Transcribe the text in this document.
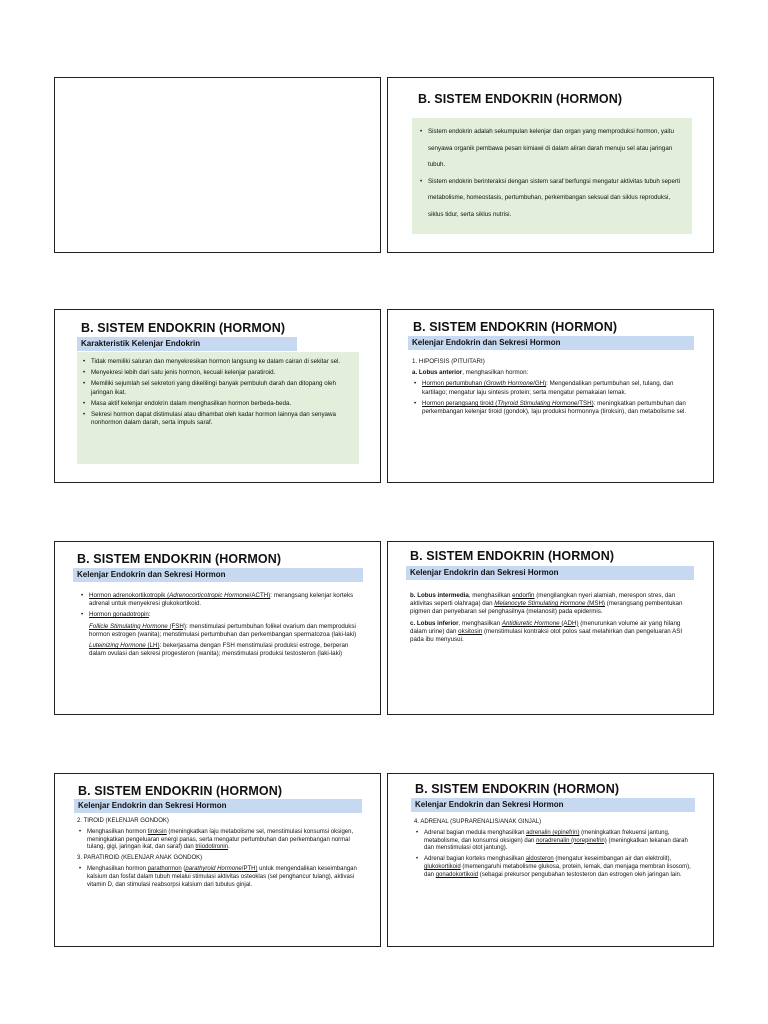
B. SISTEM ENDOKRIN (HORMON)
• Sistem endokrin adalah sekumpulan kelenjar dan organ yang memproduksi hormon, yaitu senyawa organik pembawa pesan kimiawi di dalam aliran darah menuju sel atau jaringan tubuh.
• Sistem endokrin berinteraksi dengan sistem saraf berfungsi mengatur aktivitas tubuh seperti metabolisme, homeostasis, pertumbuhan, perkembangan seksual dan siklus reproduksi, siklus tidur, serta siklus nutrisi.
B. SISTEM ENDOKRIN (HORMON)
Karakteristik Kelenjar Endokrin
• Tidak memiliki saluran dan menyekresikan hormon langsung ke dalam cairan di sekitar sel.
• Menyekresi lebih dari satu jenis hormon, kecuali kelenjar paratiroid.
• Memiliki sejumlah sel sekretori yang dikelilingi banyak pembuluh darah dan ditopang oleh jaringan ikat.
• Masa aktif kelenjar endokrin dalam menghasilkan hormon berbeda-beda.
• Sekresi hormon dapat distimulasi atau dihambat oleh kadar hormon lainnya dan senyawa nonhormon dalam darah, serta impuls saraf.
B. SISTEM ENDOKRIN (HORMON)
Kelenjar Endokrin dan Sekresi Hormon

1. HIPOFISIS (PITUITARI)

a. Lobus anterior, menghasilkan hormon:

• Hormon pertumbuhan (Growth Hormone/GH): Mengendalikan pertumbuhan sel, tulang, dan kartilago; mengatur laju sintesis protein; serta mengatur pemakaian lemak.
• Hormon perangsang tiroid (Thyroid Stimulating Hormone/TSH): meningkatkan pertumbuhan dan perkembangan kelenjar tiroid (gondok), laju produksi hormonnya (tiroksin), dan metabolisme sel.
B. SISTEM ENDOKRIN (HORMON)
Kelenjar Endokrin dan Sekresi Hormon
• Hormon adrenokortikotropik (Adrenocorticotropic Hormone/ACTH): merangsang kelenjar korteks adrenal untuk menyekresi glukokortikoid.
• Hormon gonadotropin:

Follicle Stimulating Hormone (FSH): menstimulasi pertumbuhan folikel ovarium dan memproduksi hormon estrogen (wanita); menstimulasi pertumbuhan dan perkembangan spermatozoa (laki-laki)

Luteinizing Hormone (LH): bekerjasama dengan FSH menstimulasi produksi estroge, berperan dalam ovulasi dan sekresi progesteron (wanita); menstimulasi produksi testosteron (laki-laki)

B. SISTEM ENDOKRIN (HORMON)
Kelenjar Endokrin dan Sekresi Hormon

b. Lobus intermedia, menghasilkan endorfin (mengilangkan nyeri alamiah, merespon stres, dan aktivitas seperti olahraga) dan Melanocyte Stimulating Hormone (MSH) (merangsang pembentukan pigmen dan penyebaran sel penghasilnya (melanosit) pada epidermis.

c. Lobus inferior, menghasilkan Antidiuretic Hormone (ADH) (menurunkan volume air yang hilang dalam urine) dan oksitosin (menstimulasi kontraksi otot polos saat melahirkan dan pengeluaran ASI pada ibu menyusui.

B. SISTEM ENDOKRIN (HORMON)
Kelenjar Endokrin dan Sekresi Hormon

2. TIROID (KELENJAR GONDOK)

• Menghasilkan hormon tiroksin (meningkatkan laju metabolisme sel, menstimulasi konsumsi oksigen, meningkatkan pengeluaran energi panas, serta mengatur pertumbuhan dan perkembangan normal tulang, gigi, jaringan ikat, dan saraf) dan triiodotironin.

3. PARATIROID (KELENJAR ANAK GONDOK)

• Menghasilkan hormon parathormon (parathyroid Hormone/PTH) untuk mengendalikan keseimbangan kalsium dan fosfat dalam tubuh melalui stimulasi aktivitas osteoklas (sel penghancur tulang), aktivasi vitamin D, dan stimulasi reabsorpsi kalsium dari tubulus ginjal.
B. SISTEM ENDOKRIN (HORMON)
Kelenjar Endokrin dan Sekresi Hormon

4. ADRENAL (SUPRARENALIS/ANAK GINJAL)

• Adrenal bagian medula menghasilkan adrenalin (epinefrin) (meningkatkan frekuensi jantung, metabolisme, dan konsumsi oksigen) dan noradrenalin (norepinefrin) (meningkatkan tekanan darah dan menstimulasi otot jantung).
• Adrenal bagian korteks menghasilkan aldosteron (mengatur keseimbangan air dan elektrolit), glukokortikoid (memengaruhi metabolisme glukosa, protein, lemak, dan menjaga membran lisosom), dan gonadokortikoid (sebagai prekursor pengubahan testosteron dan estrogen oleh jaringan lain.
